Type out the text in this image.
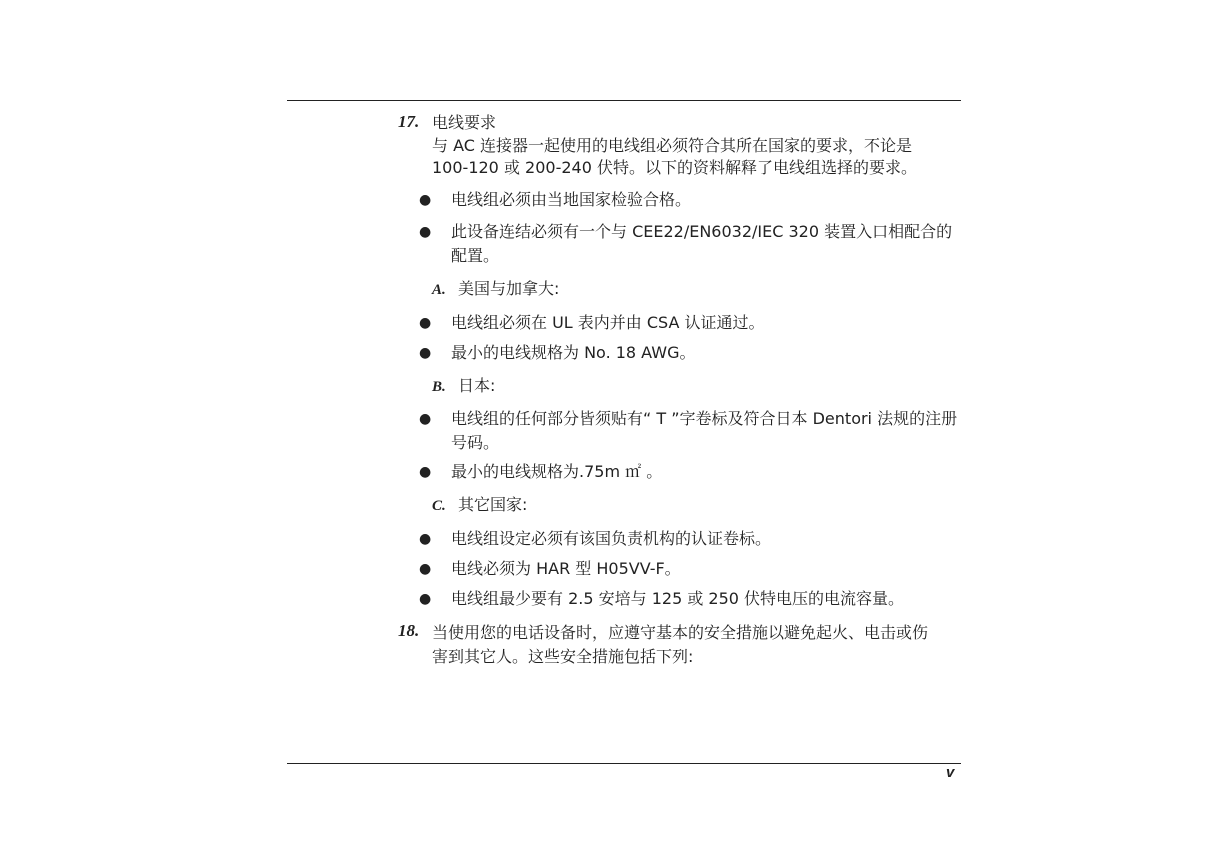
17. 电线要求
与 AC 连接器一起使用的电线组必须符合其所在国家的要求，不论是 100-120 或 200-240 伏特。以下的资料解释了电线组选择的要求。
● 电线组必须由当地国家检验合格。
● 此设备连结必须有一个与 CEE22/EN6032/IEC 320 装置入口相配合的配置。
A. 美国与加拿大:
● 电线组必须在 UL 表内并由 CSA 认证通过。
● 最小的电线规格为 No. 18 AWG。
B. 日本:
● 电线组的任何部分皆须贴有“ T ”字卷标及符合日本 Dentori 法规的注册号码。
● 最小的电线规格为.75m ㎡ 。
C. 其它国家:
● 电线组设定必须有该国负责机构的认证卷标。
● 电线必须为 HAR 型 H05VV-F。
● 电线组最少要有 2.5 安培与 125 或 250 伏特电压的电流容量。
18. 当使用您的电话设备时，应遵守基本的安全措施以避免起火、电击或伤害到其它人。这些安全措施包括下列:
v
